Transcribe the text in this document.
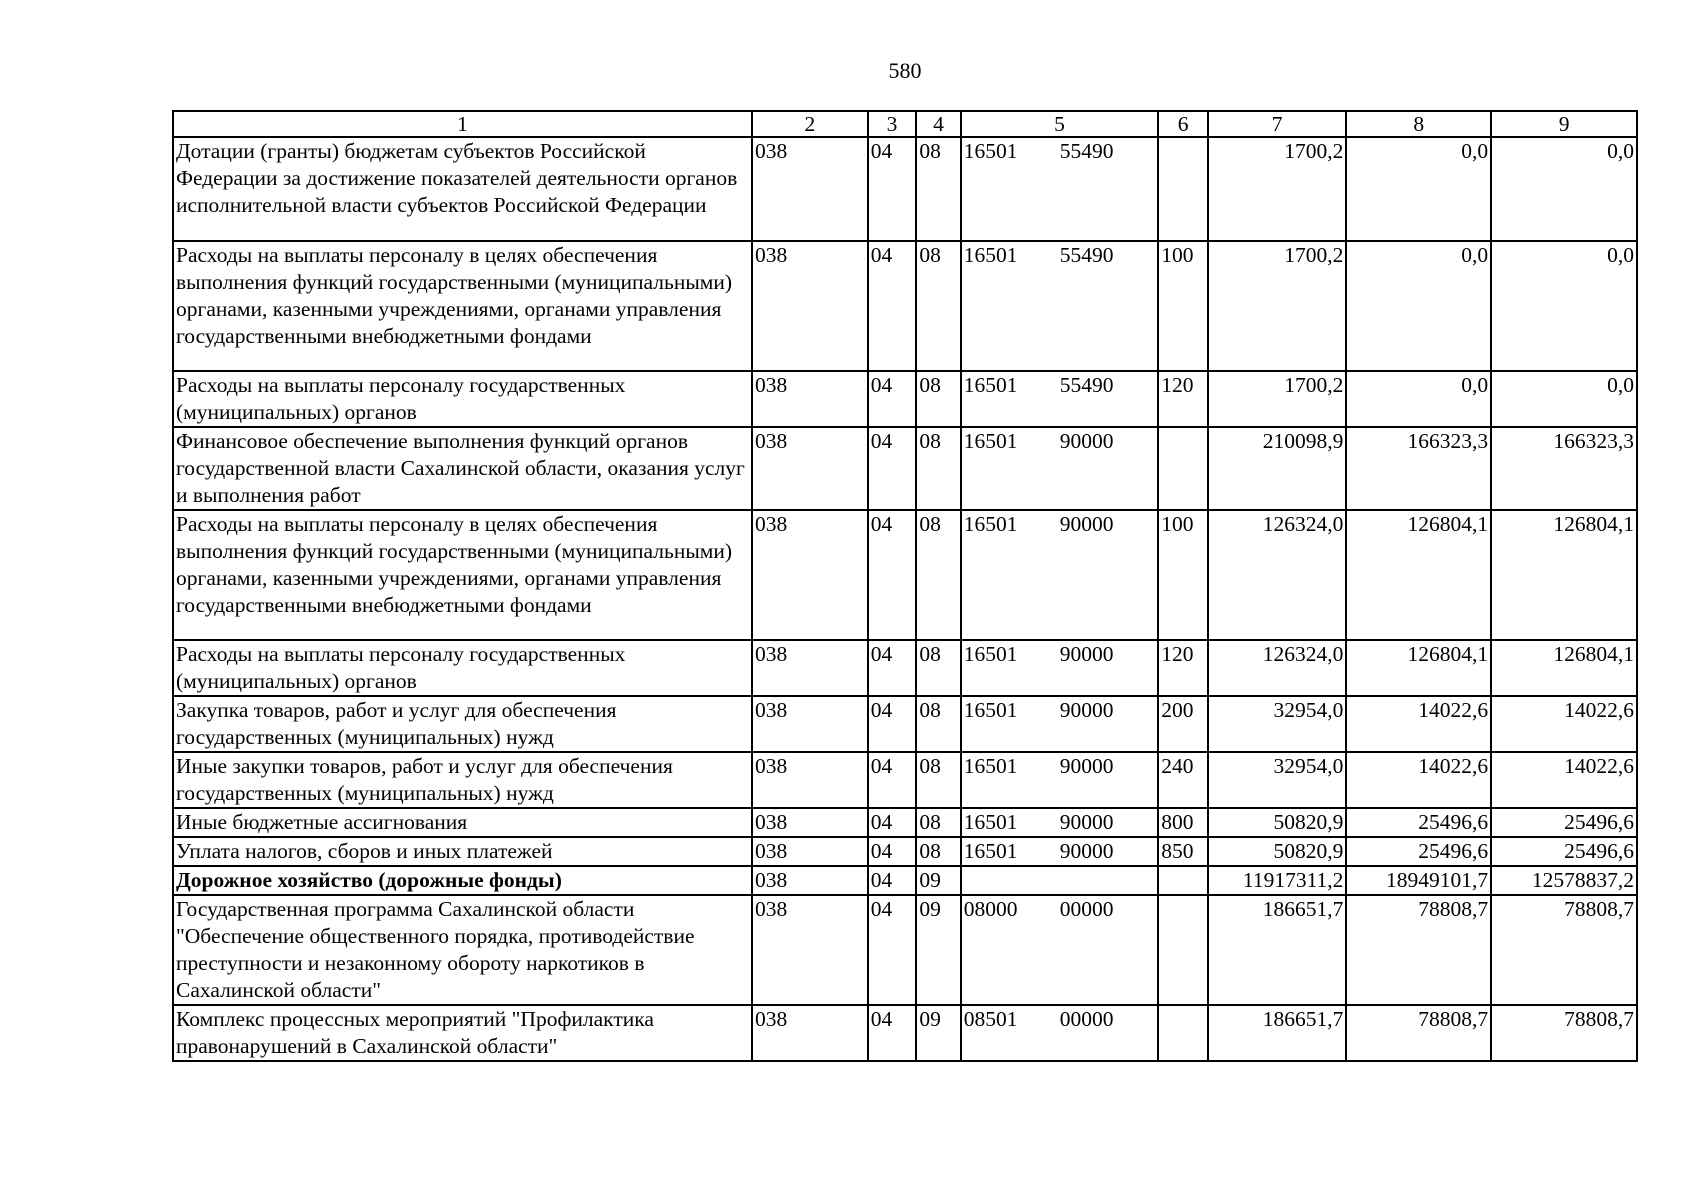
580
1	2	3	4	5	6	7	8	9
Дотации (гранты) бюджетам субъектов Российской Федерации за достижение показателей деятельности органов исполнительной власти субъектов Российской Федерации	038	04	08	16501 55490		1700,2	0,0	0,0
Расходы на выплаты персоналу в целях обеспечения выполнения функций государственными (муниципальными) органами, казенными учреждениями, органами управления государственными внебюджетными фондами	038	04	08	16501 55490	100	1700,2	0,0	0,0
Расходы на выплаты персоналу государственных (муниципальных) органов	038	04	08	16501 55490	120	1700,2	0,0	0,0
Финансовое обеспечение выполнения функций органов государственной власти Сахалинской области, оказания услуг и выполнения работ	038	04	08	16501 90000		210098,9	166323,3	166323,3
Расходы на выплаты персоналу в целях обеспечения выполнения функций государственными (муниципальными) органами, казенными учреждениями, органами управления государственными внебюджетными фондами	038	04	08	16501 90000	100	126324,0	126804,1	126804,1
Расходы на выплаты персоналу государственных (муниципальных) органов	038	04	08	16501 90000	120	126324,0	126804,1	126804,1
Закупка товаров, работ и услуг для обеспечения государственных (муниципальных) нужд	038	04	08	16501 90000	200	32954,0	14022,6	14022,6
Иные закупки товаров, работ и услуг для обеспечения государственных (муниципальных) нужд	038	04	08	16501 90000	240	32954,0	14022,6	14022,6
Иные бюджетные ассигнования	038	04	08	16501 90000	800	50820,9	25496,6	25496,6
Уплата налогов, сборов и иных платежей	038	04	08	16501 90000	850	50820,9	25496,6	25496,6
Дорожное хозяйство (дорожные фонды)	038	04	09			11917311,2	18949101,7	12578837,2
Государственная программа Сахалинской области "Обеспечение общественного порядка, противодействие преступности и незаконному обороту наркотиков в Сахалинской области"	038	04	09	08000 00000		186651,7	78808,7	78808,7
Комплекс процессных мероприятий "Профилактика правонарушений в Сахалинской области"	038	04	09	08501 00000		186651,7	78808,7	78808,7
